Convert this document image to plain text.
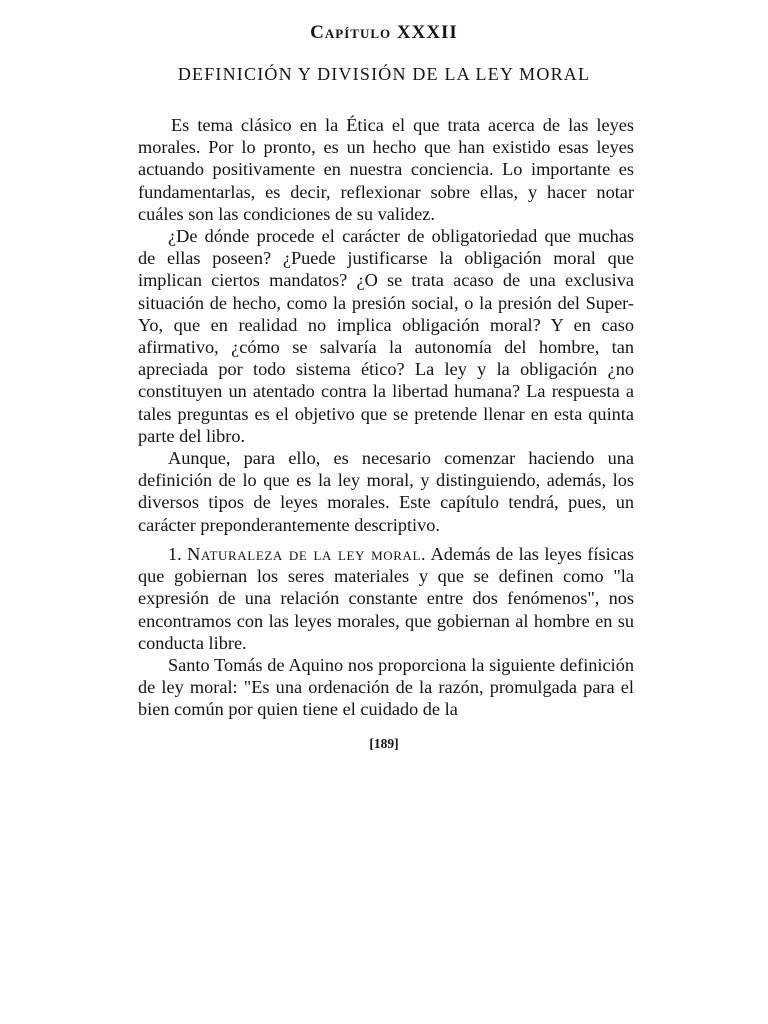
Capítulo XXXII
DEFINICIÓN Y DIVISIÓN DE LA LEY MORAL

Es tema clásico en la Ética el que trata acerca de las leyes morales. Por lo pronto, es un hecho que han existido esas leyes actuando positivamente en nuestra conciencia. Lo importante es fundamentarlas, es decir, reflexionar sobre ellas, y hacer notar cuáles son las condiciones de su validez.

¿De dónde procede el carácter de obligatoriedad que muchas de ellas poseen? ¿Puede justificarse la obligación moral que implican ciertos mandatos? ¿O se trata acaso de una exclusiva situación de hecho, como la presión social, o la presión del Super-Yo, que en realidad no implica obligación moral? Y en caso afirmativo, ¿cómo se salvaría la autonomía del hombre, tan apreciada por todo sistema ético? La ley y la obligación ¿no constituyen un atentado contra la libertad humana? La respuesta a tales preguntas es el objetivo que se pretende llenar en esta quinta parte del libro.

Aunque, para ello, es necesario comenzar haciendo una definición de lo que es la ley moral, y distinguiendo, además, los diversos tipos de leyes morales. Este capítulo tendrá, pues, un carácter preponderantemente descriptivo.

1. Naturaleza de la ley moral. Además de las leyes físicas que gobiernan los seres materiales y que se definen como "la expresión de una relación constante entre dos fenómenos", nos encontramos con las leyes morales, que gobiernan al hombre en su conducta libre.

Santo Tomás de Aquino nos proporciona la siguiente definición de ley moral: "Es una ordenación de la razón, promulgada para el bien común por quien tiene el cuidado de la

[189]
